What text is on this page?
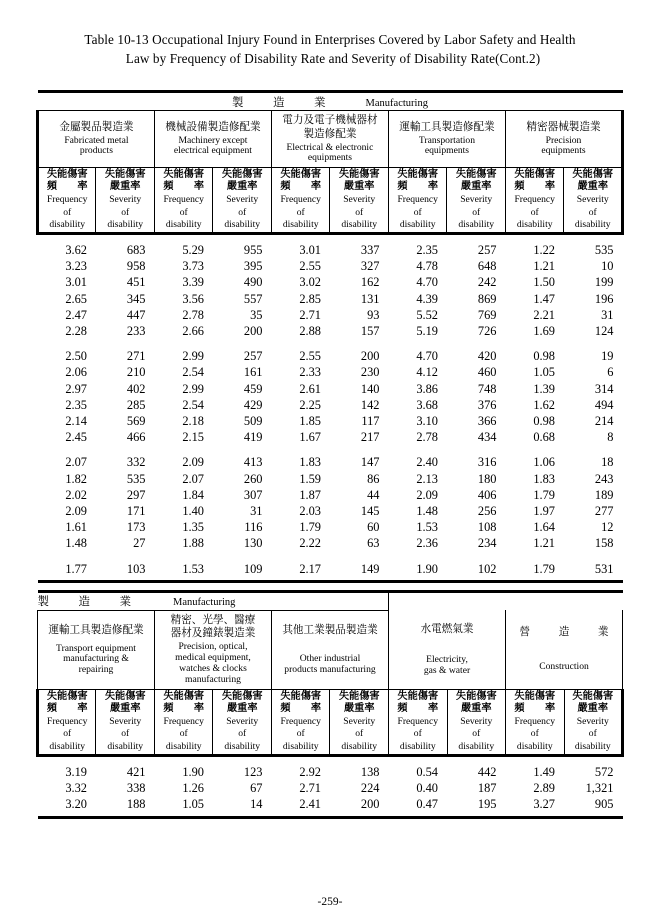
Table 10-13 Occupational Injury Found in Enterprises Covered by Labor Safety and Health
Law by Frequency of Disability Rate and Severity of Disability Rate(Cont.2)
製　造　業 Manufacturing									

金屬製品製造業
Fabricated metal
products		機械設備製造修配業
Machinery except
electrical equipment		電力及電子機械器材
製造修配業
Electrical & electronic
equipments		運輸工具製造修配業
Transportation
equipments		精密器械製造業
Precision
equipments	

失能傷害
頻　　率
Frequency
of
disability	失能傷害
嚴重率
Severity
of
disability	失能傷害
頻　　率
Frequency
of
disability	失能傷害
嚴重率
Severity
of
disability	失能傷害
頻　　率
Frequency
of
disability	失能傷害
嚴重率
Severity
of
disability	失能傷害
頻　　率
Frequency
of
disability	失能傷害
嚴重率
Severity
of
disability	失能傷害
頻　　率
Frequency
of
disability	失能傷害
嚴重率
Severity
of
disability

3.62	683	5.29	955	3.01	337	2.35	257	1.22	535
3.23	958	3.73	395	2.55	327	4.78	648	1.21	10
3.01	451	3.39	490	3.02	162	4.70	242	1.50	199
2.65	345	3.56	557	2.85	131	4.39	869	1.47	196
2.47	447	2.78	35	2.71	93	5.52	769	2.21	31
2.28	233	2.66	200	2.88	157	5.19	726	1.69	124

2.50	271	2.99	257	2.55	200	4.70	420	0.98	19
2.06	210	2.54	161	2.33	230	4.12	460	1.05	6
2.97	402	2.99	459	2.61	140	3.86	748	1.39	314
2.35	285	2.54	429	2.25	142	3.68	376	1.62	494
2.14	569	2.18	509	1.85	117	3.10	366	0.98	214
2.45	466	2.15	419	1.67	217	2.78	434	0.68	8

2.07	332	2.09	413	1.83	147	2.40	316	1.06	18
1.82	535	2.07	260	1.59	86	2.13	180	1.83	243
2.02	297	1.84	307	1.87	44	2.09	406	1.79	189
2.09	171	1.40	31	2.03	145	1.48	256	1.97	277
1.61	173	1.35	116	1.79	60	1.53	108	1.64	12
1.48	27	1.88	130	2.22	63	2.36	234	1.21	158

1.77	103	1.53	109	2.17	149	1.90	102	1.79	531
製　造　業 Manufacturing									

運輸工具製造修配業
Transport equipment
manufacturing &
repairing

精密、光學、醫療
器材及鐘錶製造業
Precision, optical,
medical equipment,
watches & clocks
manufacturing

其他工業製品製造業
Other industrial
products manufacturing

水電燃氣業
Electricity,
gas & water

營　造　業
Construction

失能傷害
頻　　率
Frequency
of
disability	失能傷害
嚴重率
Severity
of
disability	失能傷害
頻　　率
Frequency
of
disability	失能傷害
嚴重率
Severity
of
disability	失能傷害
頻　　率
Frequency
of
disability	失能傷害
嚴重率
Severity
of
disability	失能傷害
頻　　率
Frequency
of
disability	失能傷害
嚴重率
Severity
of
disability	失能傷害
頻　　率
Frequency
of
disability	失能傷害
嚴重率
Severity
of
disability

3.19	421	1.90	123	2.92	138	0.54	442	1.49	572
3.32	338	1.26	67	2.71	224	0.40	187	2.89	1,321
3.20	188	1.05	14	2.41	200	0.47	195	3.27	905
-259-
